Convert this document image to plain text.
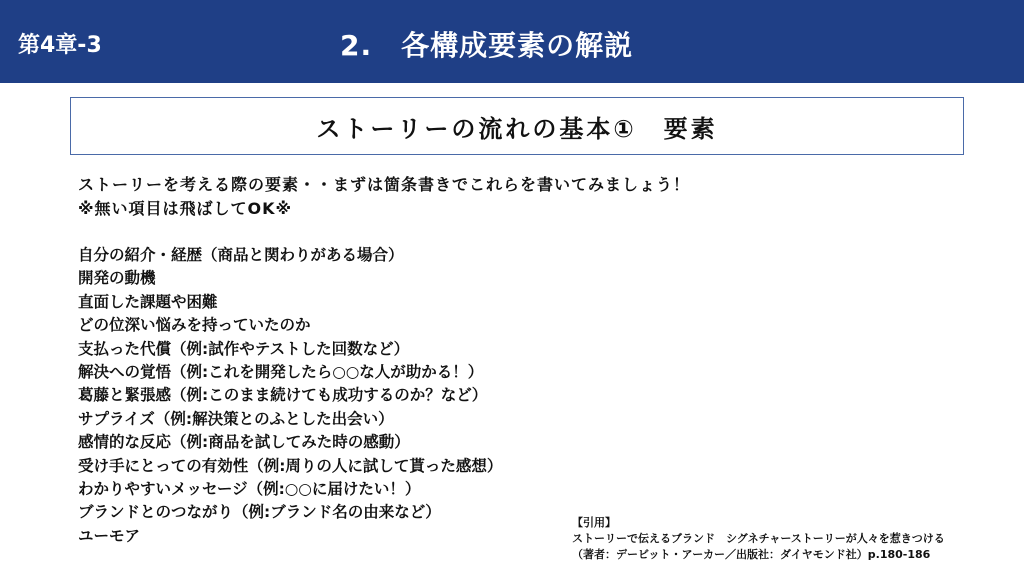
第4章-3	2.　各構成要素の解説
ストーリーの流れの基本①　要素
ストーリーを考える際の要素・・まずは箇条書きでこれらを書いてみましょう！
※無い項目は飛ばしてOK※
自分の紹介・経歴（商品と関わりがある場合）
開発の動機
直面した課題や困難
どの位深い悩みを持っていたのか
支払った代償（例:試作やテストした回数など）
解決への覚悟（例:これを開発したら○○な人が助かる！）
葛藤と緊張感（例:このまま続けても成功するのか？など）
サプライズ（例:解決策とのふとした出会い）
感情的な反応（例:商品を試してみた時の感動）
受け手にとっての有効性（例:周りの人に試して貰った感想）
わかりやすいメッセージ（例:○○に届けたい！）
ブランドとのつながり（例:ブランド名の由来など）
ユーモア
【引用】
ストーリーで伝えるブランド　シグネチャーストーリーが人々を惹きつける
（著者：デービット・アーカー／出版社：ダイヤモンド社）p.180-186
